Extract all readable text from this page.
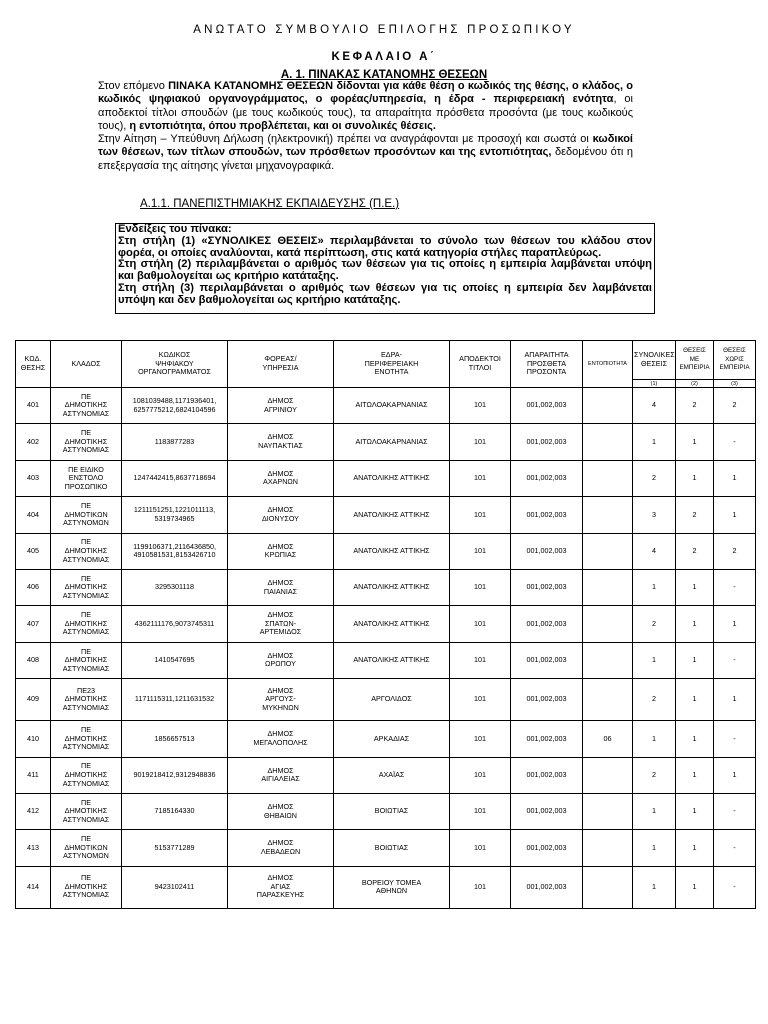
ΑΝΩΤΑΤΟ ΣΥΜΒΟΥΛΙΟ ΕΠΙΛΟΓΗΣ ΠΡΟΣΩΠΙΚΟΥ
ΚΕΦΑΛΑΙΟ Α΄
Α. 1. ΠΙΝΑΚΑΣ ΚΑΤΑΝΟΜΗΣ ΘΕΣΕΩΝ

Στον επόμενο ΠΙΝΑΚΑ ΚΑΤΑΝΟΜΗΣ ΘΕΣΕΩΝ δίδονται για κάθε θέση ο κωδικός της θέσης, ο κλάδος, ο κωδικός ψηφιακού οργανογράμματος, ο φορέας/υπηρεσία, η έδρα - περιφερειακή ενότητα, οι αποδεκτοί τίτλοι σπουδών (με τους κωδικούς τους), τα απαραίτητα πρόσθετα προσόντα (με τους κωδικούς τους), η εντοπιότητα, όπου προβλέπεται, και οι συνολικές θέσεις.

Στην Αίτηση – Υπεύθυνη Δήλωση (ηλεκτρονική) πρέπει να αναγράφονται με προσοχή και σωστά οι κωδικοί των θέσεων, των τίτλων σπουδών, των πρόσθετων προσόντων και της εντοπιότητας, δεδομένου ότι η επεξεργασία της αίτησης γίνεται μηχανογραφικά.

Α.1.1. ΠΑΝΕΠΙΣΤΗΜΙΑΚΗΣ ΕΚΠΑΙΔΕΥΣΗΣ (Π.Ε.)

Ενδείξεις του πίνακα:

Στη στήλη (1) «ΣΥΝΟΛΙΚΕΣ ΘΕΣΕΙΣ» περιλαμβάνεται το σύνολο των θέσεων του κλάδου στον φορέα, οι οποίες αναλύονται, κατά περίπτωση, στις κατά κατηγορία στήλες παραπλεύρως.

Στη στήλη (2) περιλαμβάνεται ο αριθμός των θέσεων για τις οποίες η εμπειρία λαμβάνεται υπόψη και βαθμολογείται ως κριτήριο κατάταξης.

Στη στήλη (3) περιλαμβάνεται ο αριθμός των θέσεων για τις οποίες η εμπειρία δεν λαμβάνεται υπόψη και δεν βαθμολογείται ως κριτήριο κατάταξης.

ΚΩΔ.
ΘΕΣΗΣ	ΚΛΑΔΟΣ	ΚΩΔΙΚΟΣ
ΨΗΦΙΑΚΟΥ
ΟΡΓΑΝΟΓΡΑΜΜΑΤΟΣ	ΦΟΡΕΑΣ/
ΥΠΗΡΕΣΙΑ	ΕΔΡΑ-
ΠΕΡΙΦΕΡΕΙΑΚΗ
ΕΝΟΤΗΤΑ	ΑΠΟΔΕΚΤΟΙ
ΤΙΤΛΟΙ	ΑΠΑΡΑΙΤΗΤΑ
ΠΡΟΣΘΕΤΑ
ΠΡΟΣΟΝΤΑ	ΕΝΤΟΠΙΟΤΗΤΑ	ΣΥΝΟΛΙΚΕΣ
ΘΕΣΕΙΣ	ΘΕΣΕΙΣ
ΜΕ
ΕΜΠΕΙΡΙΑ	ΘΕΣΕΙΣ
ΧΩΡΙΣ
ΕΜΠΕΙΡΙΑ
								(1)	(2)	(3)
401	ΠΕ
ΔΗΜΟΤΙΚΗΣ
ΑΣΤΥΝΟΜΙΑΣ	1081039488,1171936401,
6257775212,6824104596	ΔΗΜΟΣ
ΑΓΡΙΝΙΟΥ	ΑΙΤΩΛΟΑΚΑΡΝΑΝΙΑΣ	101	001,002,003		4	2	2
402	ΠΕ
ΔΗΜΟΤΙΚΗΣ
ΑΣΤΥΝΟΜΙΑΣ	1183877283	ΔΗΜΟΣ
ΝΑΥΠΑΚΤΙΑΣ	ΑΙΤΩΛΟΑΚΑΡΝΑΝΙΑΣ	101	001,002,003		1	1	-
403	ΠΕ ΕΙΔΙΚΟ
ΕΝΣΤΟΛΟ
ΠΡΟΣΩΠΙΚΟ	1247442415,8637718694	ΔΗΜΟΣ
ΑΧΑΡΝΩΝ	ΑΝΑΤΟΛΙΚΗΣ ΑΤΤΙΚΗΣ	101	001,002,003		2	1	1
404	ΠΕ
ΔΗΜΟΤΙΚΩΝ
ΑΣΤΥΝΟΜΩΝ	1211151251,1221011113,
5319734965	ΔΗΜΟΣ
ΔΙΟΝΥΣΟΥ	ΑΝΑΤΟΛΙΚΗΣ ΑΤΤΙΚΗΣ	101	001,002,003		3	2	1
405	ΠΕ
ΔΗΜΟΤΙΚΗΣ
ΑΣΤΥΝΟΜΙΑΣ	1199106371,2116436850,
4910581531,8153426710	ΔΗΜΟΣ
ΚΡΩΠΙΑΣ	ΑΝΑΤΟΛΙΚΗΣ ΑΤΤΙΚΗΣ	101	001,002,003		4	2	2
406	ΠΕ
ΔΗΜΟΤΙΚΗΣ
ΑΣΤΥΝΟΜΙΑΣ	3295301118	ΔΗΜΟΣ
ΠΑΙΑΝΙΑΣ	ΑΝΑΤΟΛΙΚΗΣ ΑΤΤΙΚΗΣ	101	001,002,003		1	1	-
407	ΠΕ
ΔΗΜΟΤΙΚΗΣ
ΑΣΤΥΝΟΜΙΑΣ	4362111176,9073745311	ΔΗΜΟΣ
ΣΠΑΤΩΝ-
ΑΡΤΕΜΙΔΟΣ	ΑΝΑΤΟΛΙΚΗΣ ΑΤΤΙΚΗΣ	101	001,002,003		2	1	1
408	ΠΕ
ΔΗΜΟΤΙΚΗΣ
ΑΣΤΥΝΟΜΙΑΣ	1410547695	ΔΗΜΟΣ
ΩΡΩΠΟΥ	ΑΝΑΤΟΛΙΚΗΣ ΑΤΤΙΚΗΣ	101	001,002,003		1	1	-
409	ΠΕ23
ΔΗΜΟΤΙΚΗΣ
ΑΣΤΥΝΟΜΙΑΣ	1171115311,1211631532	ΔΗΜΟΣ
ΑΡΓΟΥΣ-
ΜΥΚΗΝΩΝ	ΑΡΓΟΛΙΔΟΣ	101	001,002,003		2	1	1
410	ΠΕ
ΔΗΜΟΤΙΚΗΣ
ΑΣΤΥΝΟΜΙΑΣ	1856657513	ΔΗΜΟΣ
ΜΕΓΑΛΟΠΟΛΗΣ	ΑΡΚΑΔΙΑΣ	101	001,002,003	06	1	1	-
411	ΠΕ
ΔΗΜΟΤΙΚΗΣ
ΑΣΤΥΝΟΜΙΑΣ	9019218412,9312948836	ΔΗΜΟΣ
ΑΙΓΙΑΛΕΙΑΣ	ΑΧΑΪΑΣ	101	001,002,003		2	1	1
412	ΠΕ
ΔΗΜΟΤΙΚΗΣ
ΑΣΤΥΝΟΜΙΑΣ	7185164330	ΔΗΜΟΣ
ΘΗΒΑΙΩΝ	ΒΟΙΩΤΙΑΣ	101	001,002,003		1	1	-
413	ΠΕ
ΔΗΜΟΤΙΚΩΝ
ΑΣΤΥΝΟΜΩΝ	5153771289	ΔΗΜΟΣ
ΛΕΒΑΔΕΩΝ	ΒΟΙΩΤΙΑΣ	101	001,002,003		1	1	-
414	ΠΕ
ΔΗΜΟΤΙΚΗΣ
ΑΣΤΥΝΟΜΙΑΣ	9423102411	ΔΗΜΟΣ
ΑΓΙΑΣ
ΠΑΡΑΣΚΕΥΗΣ	ΒΟΡΕΙΟΥ ΤΟΜΕΑ
ΑΘΗΝΩΝ	101	001,002,003		1	1	-
